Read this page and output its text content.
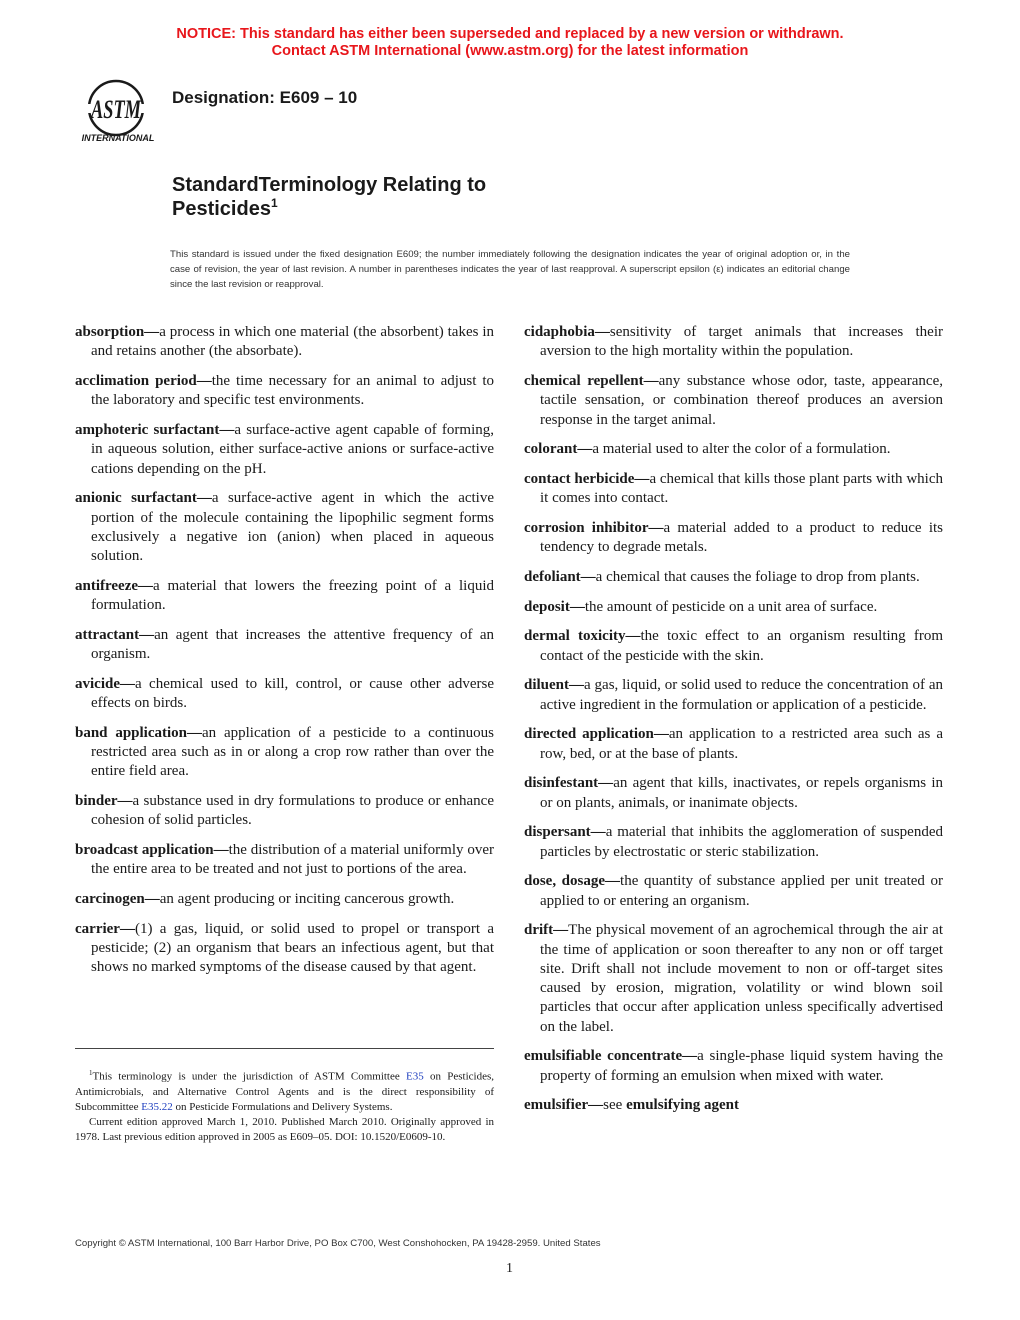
NOTICE: This standard has either been superseded and replaced by a new version or withdrawn.
Contact ASTM International (www.astm.org) for the latest information
ASTM
INTERNATIONAL
Designation: E609 – 10
StandardTerminology Relating to
Pesticides$^1$
This standard is issued under the fixed designation E609; the number immediately following the designation indicates the year of original adoption or, in the case of revision, the year of last revision. A number in parentheses indicates the year of last reapproval. A superscript epsilon (ε) indicates an editorial change since the last revision or reapproval.

absorption—a process in which one material (the absorbent) takes in and retains another (the absorbate).

acclimation period—the time necessary for an animal to adjust to the laboratory and specific test environments.

amphoteric surfactant—a surface-active agent capable of forming, in aqueous solution, either surface-active anions or surface-active cations depending on the pH.

anionic surfactant—a surface-active agent in which the active portion of the molecule containing the lipophilic segment forms exclusively a negative ion (anion) when placed in aqueous solution.

antifreeze—a material that lowers the freezing point of a liquid formulation.

attractant—an agent that increases the attentive frequency of an organism.

avicide—a chemical used to kill, control, or cause other adverse effects on birds.

band application—an application of a pesticide to a continuous restricted area such as in or along a crop row rather than over the entire field area.

binder—a substance used in dry formulations to produce or enhance cohesion of solid particles.

broadcast application—the distribution of a material uniformly over the entire area to be treated and not just to portions of the area.

carcinogen—an agent producing or inciting cancerous growth.

carrier—(1) a gas, liquid, or solid used to propel or transport a pesticide; (2) an organism that bears an infectious agent, but that shows no marked symptoms of the disease caused by that agent.

cidaphobia—sensitivity of target animals that increases their aversion to the high mortality within the population.

chemical repellent—any substance whose odor, taste, appearance, tactile sensation, or combination thereof produces an aversion response in the target animal.

colorant—a material used to alter the color of a formulation.

contact herbicide—a chemical that kills those plant parts with which it comes into contact.

corrosion inhibitor—a material added to a product to reduce its tendency to degrade metals.

defoliant—a chemical that causes the foliage to drop from plants.

deposit—the amount of pesticide on a unit area of surface.

dermal toxicity—the toxic effect to an organism resulting from contact of the pesticide with the skin.

diluent—a gas, liquid, or solid used to reduce the concentration of an active ingredient in the formulation or application of a pesticide.

directed application—an application to a restricted area such as a row, bed, or at the base of plants.

disinfestant—an agent that kills, inactivates, or repels organisms in or on plants, animals, or inanimate objects.

dispersant—a material that inhibits the agglomeration of suspended particles by electrostatic or steric stabilization.

dose, dosage—the quantity of substance applied per unit treated or applied to or entering an organism.

drift—The physical movement of an agrochemical through the air at the time of application or soon thereafter to any non or off target site. Drift shall not include movement to non or off-target sites caused by erosion, migration, volatility or wind blown soil particles that occur after application unless specifically advertised on the label.

emulsifiable concentrate—a single-phase liquid system having the property of forming an emulsion when mixed with water.

emulsifier—see emulsifying agent

$^1$This terminology is under the jurisdiction of ASTM Committee E35 on Pesticides, Antimicrobials, and Alternative Control Agents and is the direct responsibility of Subcommittee E35.22 on Pesticide Formulations and Delivery Systems.

Current edition approved March 1, 2010. Published March 2010. Originally approved in 1978. Last previous edition approved in 2005 as E609–05. DOI: 10.1520/E0609-10.

Copyright © ASTM International, 100 Barr Harbor Drive, PO Box C700, West Conshohocken, PA 19428-2959. United States
1
